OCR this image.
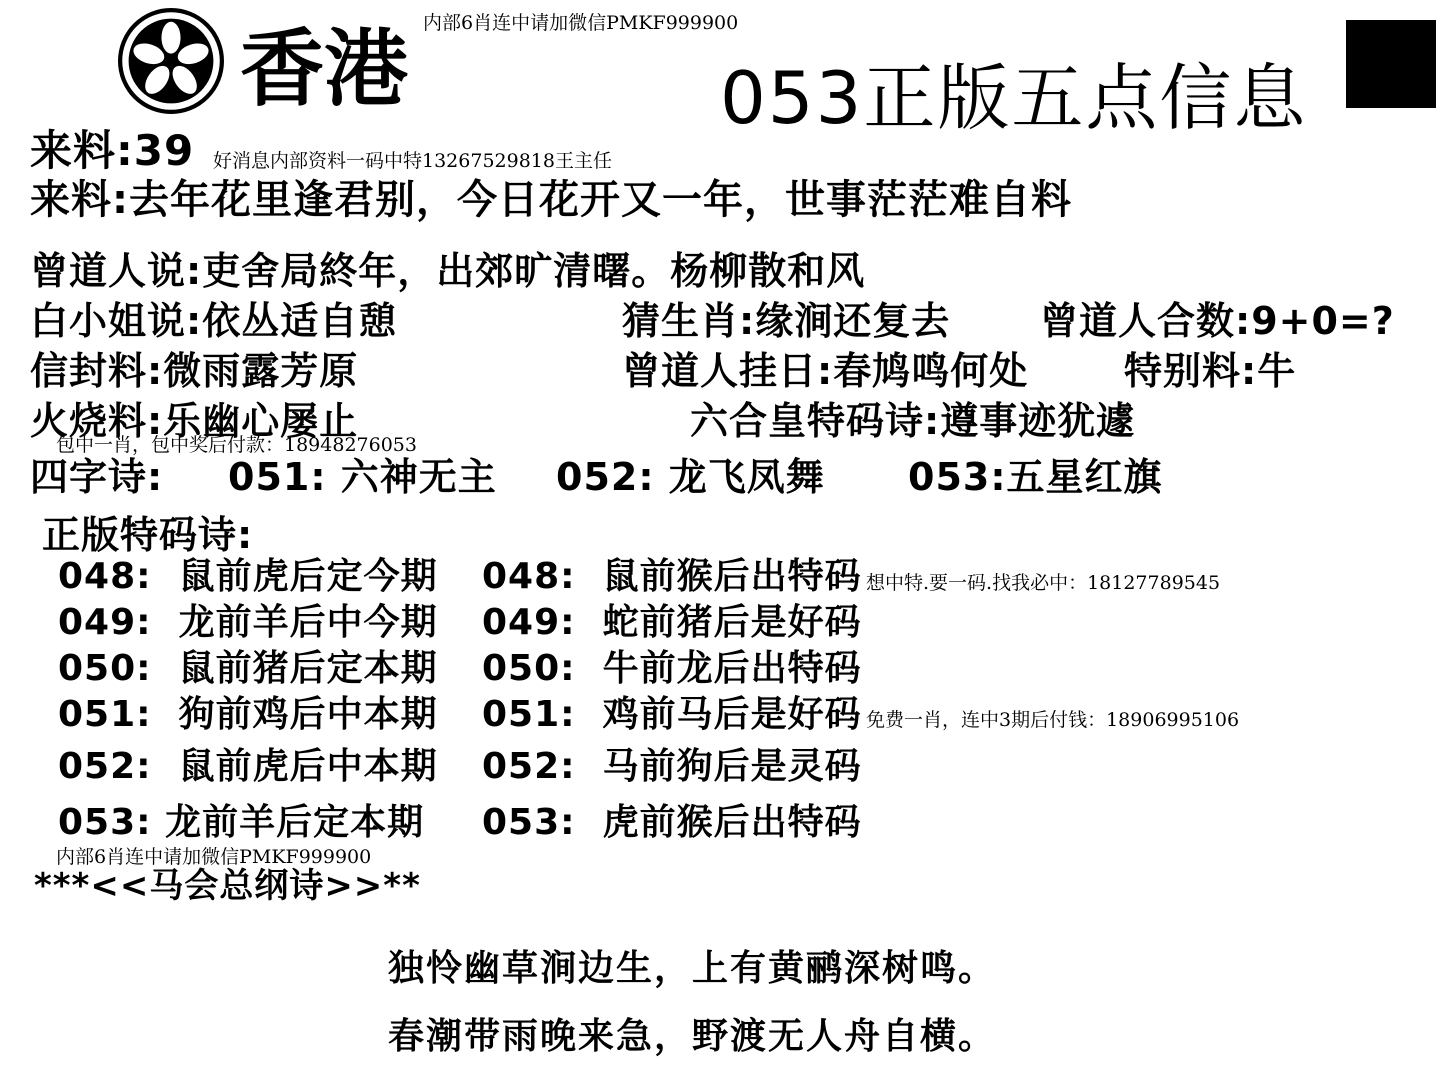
香港 内部6肖连中请加微信PMKF999900
053正版五点信息
来料:39 好消息内部资料一码中特13267529818王主任
来料:去年花里逢君别，今日花开又一年，世事茫茫难自料
曾道人说:吏舍局終年，出郊旷清曙。杨柳散和风
白小姐说:依丛适自憩	猜生肖:缘涧还复去 曾道人合数:9+0=?
信封料:微雨露芳原	曾道人挂日:春鸠鸣何处	特别料:牛
火烧料:乐幽心屡止	六合皇特码诗:遵事迹犹遽
包中一肖，包中奖后付款：18948276053
四字诗: 051: 六神无主 052: 龙飞凤舞 053:五星红旗
正版特码诗:
048: 鼠前虎后定今期 048: 鼠前猴后出特码
049: 龙前羊后中今期 049: 蛇前猪后是好码
050: 鼠前猪后定本期 050: 牛前龙后出特码
051: 狗前鸡后中本期 051: 鸡前马后是好码
052: 鼠前虎后中本期 052: 马前狗后是灵码
053: 龙前羊后定本期 053: 虎前猴后出特码
想中特.要一码.找我必中：18127789545
免费一肖，连中3期后付钱：18906995106
内部6肖连中请加微信PMKF999900
***<<马会总纲诗>>**
独怜幽草涧边生，上有黄鹂深树鸣。
春潮带雨晚来急，野渡无人舟自横。
